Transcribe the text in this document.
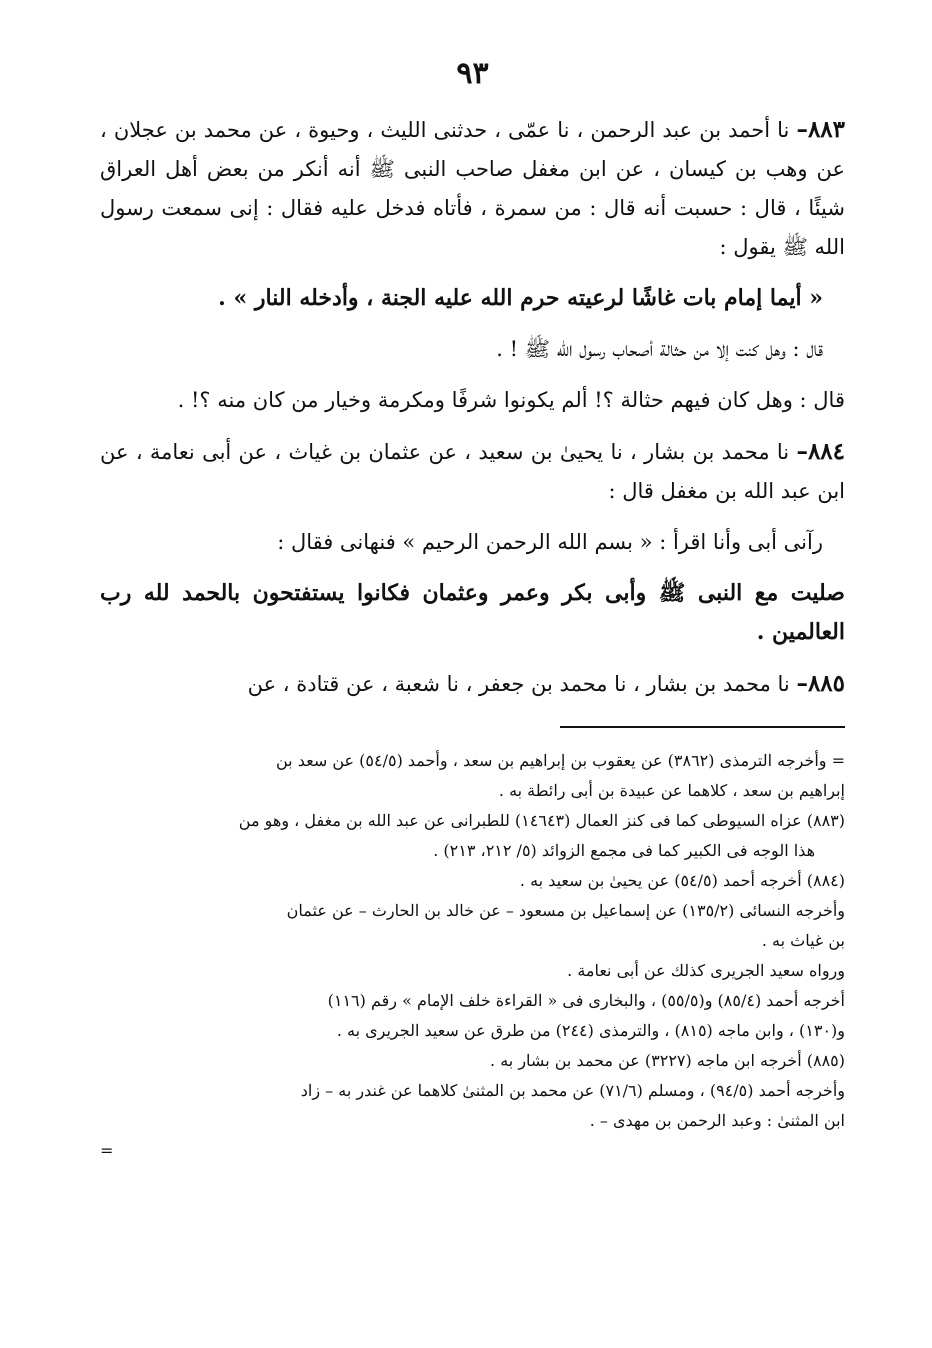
٩٣

٨٨٣– نا أحمد بن عبد الرحمن ، نا عمّى ، حدثنى الليث ، وحيوة ، عن محمد بن عجلان ، عن وهب بن كيسان ، عن ابن مغفل صاحب النبى ﷺ أنه أنكر من بعض أهل العراق شيئًا ، قال : حسبت أنه قال : من سمرة ، فأتاه فدخل عليه فقال : إنى سمعت رسول الله ﷺ يقول :

« أيما إمام بات غاشًا لرعيته حرم الله عليه الجنة ، وأدخله النار » .

قال : وهل كنت إلا من حثالة أصحاب رسول الله ﷺ ! .

قال : وهل كان فيهم حثالة ؟! ألم يكونوا شرفًا ومكرمة وخيار من كان منه ؟! .

٨٨٤– نا محمد بن بشار ، نا يحيىٰ بن سعيد ، عن عثمان بن غياث ، عن أبى نعامة ، عن ابن عبد الله بن مغفل قال :

رآنى أبى وأنا اقرأ : « بسم الله الرحمن الرحيم » فنهانى فقال :

صليت مع النبى ﷺ وأبى بكر وعمر وعثمان فكانوا يستفتحون بالحمد لله رب العالمين .

٨٨٥– نا محمد بن بشار ، نا محمد بن جعفر ، نا شعبة ، عن قتادة ، عن

= وأخرجه الترمذى (٣٨٦٢) عن يعقوب بن إبراهيم بن سعد ، وأحمد (٥٤/٥) عن سعد بن

إبراهيم بن سعد ، كلاهما عن عبيدة بن أبى رائطة به .

(٨٨٣) عزاه السيوطى كما فى كنز العمال (١٤٦٤٣) للطبرانى عن عبد الله بن مغفل ، وهو من

هذا الوجه فى الكبير كما فى مجمع الزوائد (٥/ ٢١٢، ٢١٣) .

(٨٨٤) أخرجه أحمد (٥٤/٥) عن يحيىٰ بن سعيد به .

وأخرجه النسائى (١٣٥/٢) عن إسماعيل بن مسعود – عن خالد بن الحارث – عن عثمان

بن غياث به .

ورواه سعيد الجريرى كذلك عن أبى نعامة .

أخرجه أحمد (٨٥/٤) و(٥٥/٥) ، والبخارى فى « القراءة خلف الإمام » رقم (١١٦)

و(١٣٠) ، وابن ماجه (٨١٥) ، والترمذى (٢٤٤) من طرق عن سعيد الجريرى به .

(٨٨٥) أخرجه ابن ماجه (٣٢٢٧) عن محمد بن بشار به .

وأخرجه أحمد (٩٤/٥) ، ومسلم (٧١/٦) عن محمد بن المثنىٰ كلاهما عن غندر به – زاد

ابن المثنىٰ : وعبد الرحمن بن مهدى – .

=
